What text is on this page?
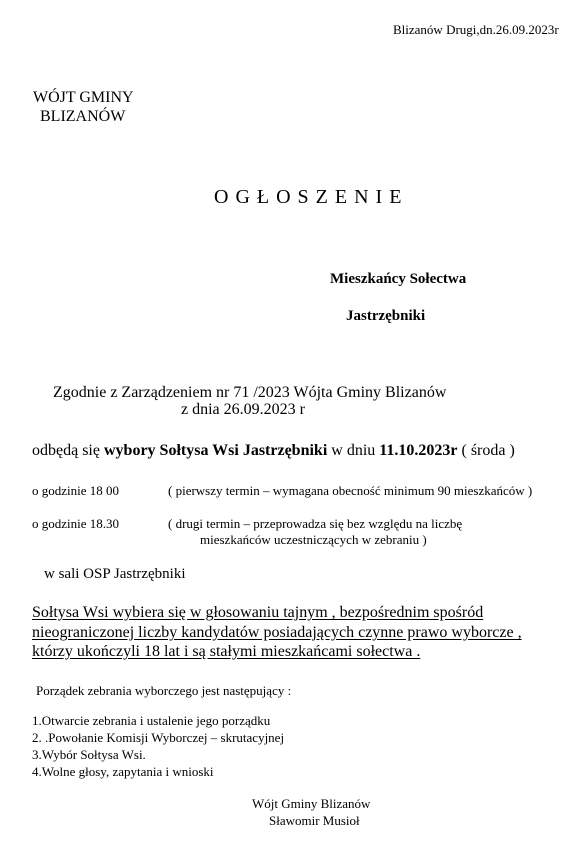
Blizanów Drugi,dn.26.09.2023r
WÓJT GMINY
BLIZANÓW
O G Ł O S Z E N I E
Mieszkańcy Sołectwa
Jastrzębniki
Zgodnie z Zarządzeniem nr 71 /2023 Wójta Gminy Blizanów
z dnia 26.09.2023 r
odbędą się wybory Sołtysa Wsi Jastrzębniki w dniu 11.10.2023r ( środa )
o godzinie 18 00	( pierwszy termin – wymagana obecność minimum 90 mieszkańców )
o godzinie 18.30	( drugi termin – przeprowadza się bez względu na liczbę
mieszkańców uczestniczących w zebraniu )
w sali OSP Jastrzębniki
Sołtysa Wsi wybiera się w głosowaniu tajnym , bezpośrednim spośród
nieograniczonej liczby kandydatów posiadających czynne prawo wyborcze ,
którzy ukończyli 18 lat i są stałymi mieszkańcami sołectwa .
Porządek zebrania wyborczego jest następujący :
1.Otwarcie zebrania i ustalenie jego porządku
2. .Powołanie Komisji Wyborczej – skrutacyjnej
3.Wybór Sołtysa Wsi.
4.Wolne głosy, zapytania i wnioski
Wójt Gminy Blizanów
Sławomir Musioł
